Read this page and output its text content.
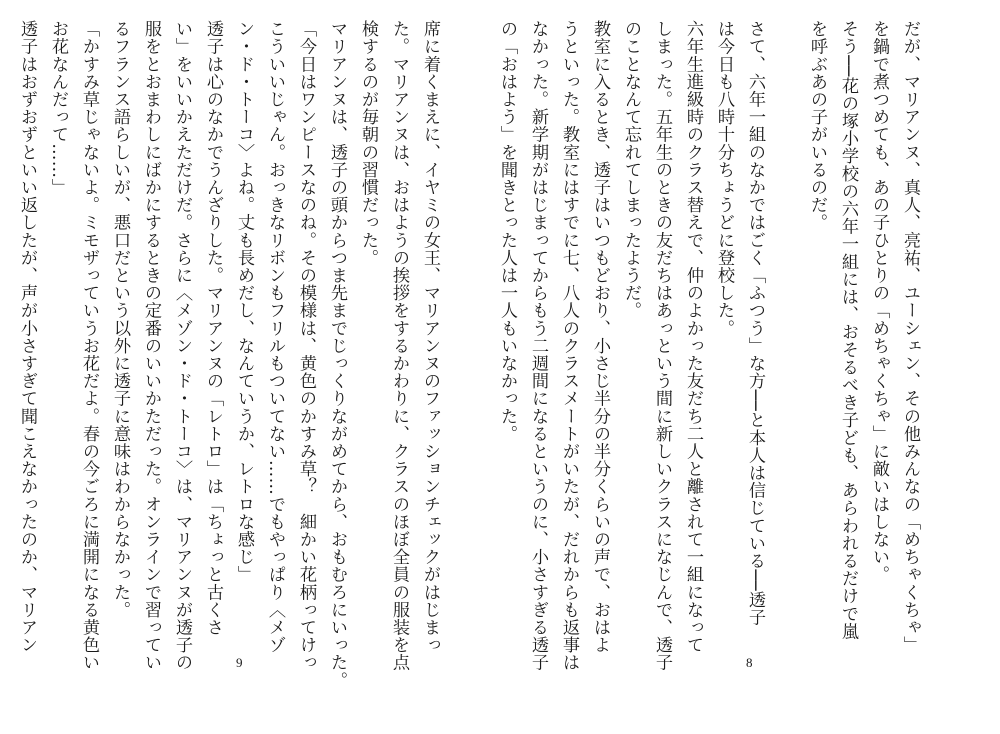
席に着くまえに、イヤミの女王、マリアンヌのファッションチェックがはじまっ
た。マリアンヌは、おはようの挨拶をするかわりに、クラスのほぼ全員の服装を点
検するのが毎朝の習慣だった。
マリアンヌは、透子の頭からつま先までじっくりながめてから、おもむろにいった。
「今日はワンピースなのね。その模様は、黄色のかすみ草？　細かい花柄ってけっ
こういいじゃん。おっきなリボンもフリルもついてない……でもやっぱり〈メゾ
ン・ド・トーコ〉よね。丈も長めだし、なんていうか、レトロな感じ」
透子は心のなかでうんざりした。マリアンヌの「レトロ」は「ちょっと古くさ
い」をいいかえただけだ。さらに〈メゾン・ド・トーコ〉は、マリアンヌが透子の
服をとおまわしにばかにするときの定番のいいかただった。オンラインで習ってい
るフランス語らしいが、悪口だという以外に透子に意味はわからなかった。
「かすみ草じゃないよ。ミモザっていうお花だよ。春の今ごろに満開になる黄色い
お花なんだって……」
透子はおずおずといい返したが、声が小さすぎて聞こえなかったのか、マリアン
9
だが、マリアンヌ、真人、亮祐、ユーシェン、その他みんなの「めちゃくちゃ」
を鍋で煮つめても、あの子ひとりの「めちゃくちゃ」に敵いはしない。
そう──花の塚小学校の六年一組には、おそるべき子ども、あらわれるだけで嵐
を呼ぶあの子がいるのだ。

さて、六年一組のなかではごく「ふつう」な方──と本人は信じている──透子
は今日も八時十分ちょうどに登校した。
六年生進級時のクラス替えで、仲のよかった友だち二人と離されて一組になって
しまった。五年生のときの友だちはあっという間に新しいクラスになじんで、透子
のことなんて忘れてしまったようだ。
教室に入るとき、透子はいつもどおり、小さじ半分の半分くらいの声で、おはよ
うといった。教室にはすでに七、八人のクラスメートがいたが、だれからも返事は
なかった。新学期がはじまってからもう二週間になるというのに、小さすぎる透子
の「おはよう」を聞きとった人は一人もいなかった。
8
